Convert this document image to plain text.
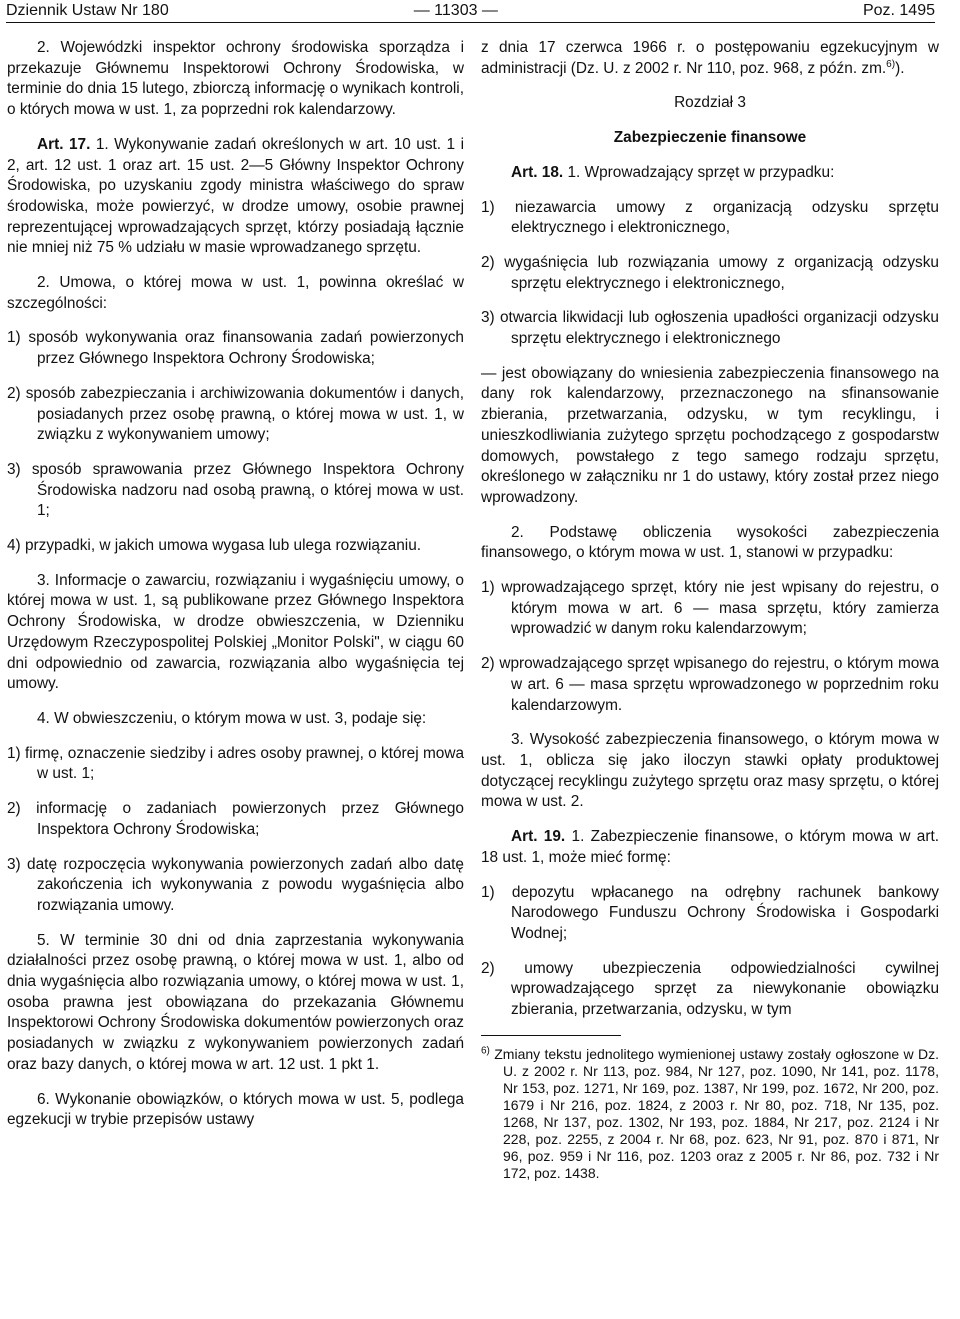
Dziennik Ustaw Nr 180	— 11303 —	Poz. 1495

2. Wojewódzki inspektor ochrony środowiska sporządza i przekazuje Głównemu Inspektorowi Ochrony Środowiska, w terminie do dnia 15 lutego, zbiorczą informację o wynikach kontroli, o których mowa w ust. 1, za poprzedni rok kalendarzowy.

Art. 17. 1. Wykonywanie zadań określonych w art. 10 ust. 1 i 2, art. 12 ust. 1 oraz art. 15 ust. 2—5 Główny Inspektor Ochrony Środowiska, po uzyskaniu zgody ministra właściwego do spraw środowiska, może powierzyć, w drodze umowy, osobie prawnej reprezentującej wprowadzających sprzęt, którzy posiadają łącznie nie mniej niż 75 % udziału w masie wprowadzanego sprzętu.

2. Umowa, o której mowa w ust. 1, powinna określać w szczególności:

1) sposób wykonywania oraz finansowania zadań powierzonych przez Głównego Inspektora Ochrony Środowiska;

2) sposób zabezpieczania i archiwizowania dokumentów i danych, posiadanych przez osobę prawną, o której mowa w ust. 1, w związku z wykonywaniem umowy;

3) sposób sprawowania przez Głównego Inspektora Ochrony Środowiska nadzoru nad osobą prawną, o której mowa w ust. 1;

4) przypadki, w jakich umowa wygasa lub ulega rozwiązaniu.

3. Informacje o zawarciu, rozwiązaniu i wygaśnięciu umowy, o której mowa w ust. 1, są publikowane przez Głównego Inspektora Ochrony Środowiska, w drodze obwieszczenia, w Dzienniku Urzędowym Rzeczypospolitej Polskiej „Monitor Polski", w ciągu 60 dni odpowiednio od zawarcia, rozwiązania albo wygaśnięcia tej umowy.

4. W obwieszczeniu, o którym mowa w ust. 3, podaje się:

1) firmę, oznaczenie siedziby i adres osoby prawnej, o której mowa w ust. 1;

2) informację o zadaniach powierzonych przez Głównego Inspektora Ochrony Środowiska;

3) datę rozpoczęcia wykonywania powierzonych zadań albo datę zakończenia ich wykonywania z powodu wygaśnięcia albo rozwiązania umowy.

5. W terminie 30 dni od dnia zaprzestania wykonywania działalności przez osobę prawną, o której mowa w ust. 1, albo od dnia wygaśnięcia albo rozwiązania umowy, o której mowa w ust. 1, osoba prawna jest obowiązana do przekazania Głównemu Inspektorowi Ochrony Środowiska dokumentów powierzonych oraz posiadanych w związku z wykonywaniem powierzonych zadań oraz bazy danych, o której mowa w art. 12 ust. 1 pkt 1.

6. Wykonanie obowiązków, o których mowa w ust. 5, podlega egzekucji w trybie przepisów ustawy

z dnia 17 czerwca 1966 r. o postępowaniu egzekucyjnym w administracji (Dz. U. z 2002 r. Nr 110, poz. 968, z późn. zm.$^{6)}$).

Rozdział 3

Zabezpieczenie finansowe

Art. 18. 1. Wprowadzający sprzęt w przypadku:

1) niezawarcia umowy z organizacją odzysku sprzętu elektrycznego i elektronicznego,

2) wygaśnięcia lub rozwiązania umowy z organizacją odzysku sprzętu elektrycznego i elektronicznego,

3) otwarcia likwidacji lub ogłoszenia upadłości organizacji odzysku sprzętu elektrycznego i elektronicznego

— jest obowiązany do wniesienia zabezpieczenia finansowego na dany rok kalendarzowy, przeznaczonego na sfinansowanie zbierania, przetwarzania, odzysku, w tym recyklingu, i unieszkodliwiania zużytego sprzętu pochodzącego z gospodarstw domowych, powstałego z tego samego rodzaju sprzętu, określonego w załączniku nr 1 do ustawy, który został przez niego wprowadzony.

2. Podstawę obliczenia wysokości zabezpieczenia finansowego, o którym mowa w ust. 1, stanowi w przypadku:

1) wprowadzającego sprzęt, który nie jest wpisany do rejestru, o którym mowa w art. 6 — masa sprzętu, który zamierza wprowadzić w danym roku kalendarzowym;

2) wprowadzającego sprzęt wpisanego do rejestru, o którym mowa w art. 6 — masa sprzętu wprowadzonego w poprzednim roku kalendarzowym.

3. Wysokość zabezpieczenia finansowego, o którym mowa w ust. 1, oblicza się jako iloczyn stawki opłaty produktowej dotyczącej recyklingu zużytego sprzętu oraz masy sprzętu, o której mowa w ust. 2.

Art. 19. 1. Zabezpieczenie finansowe, o którym mowa w art. 18 ust. 1, może mieć formę:

1) depozytu wpłacanego na odrębny rachunek bankowy Narodowego Funduszu Ochrony Środowiska i Gospodarki Wodnej;

2) umowy ubezpieczenia odpowiedzialności cywilnej wprowadzającego sprzęt za niewykonanie obowiązku zbierania, przetwarzania, odzysku, w tym

$^{6)}$ Zmiany tekstu jednolitego wymienionej ustawy zostały ogłoszone w Dz. U. z 2002 r. Nr 113, poz. 984, Nr 127, poz. 1090, Nr 141, poz. 1178, Nr 153, poz. 1271, Nr 169, poz. 1387, Nr 199, poz. 1672, Nr 200, poz. 1679 i Nr 216, poz. 1824, z 2003 r. Nr 80, poz. 718, Nr 135, poz. 1268, Nr 137, poz. 1302, Nr 193, poz. 1884, Nr 217, poz. 2124 i Nr 228, poz. 2255, z 2004 r. Nr 68, poz. 623, Nr 91, poz. 870 i 871, Nr 96, poz. 959 i Nr 116, poz. 1203 oraz z 2005 r. Nr 86, poz. 732 i Nr 172, poz. 1438.
